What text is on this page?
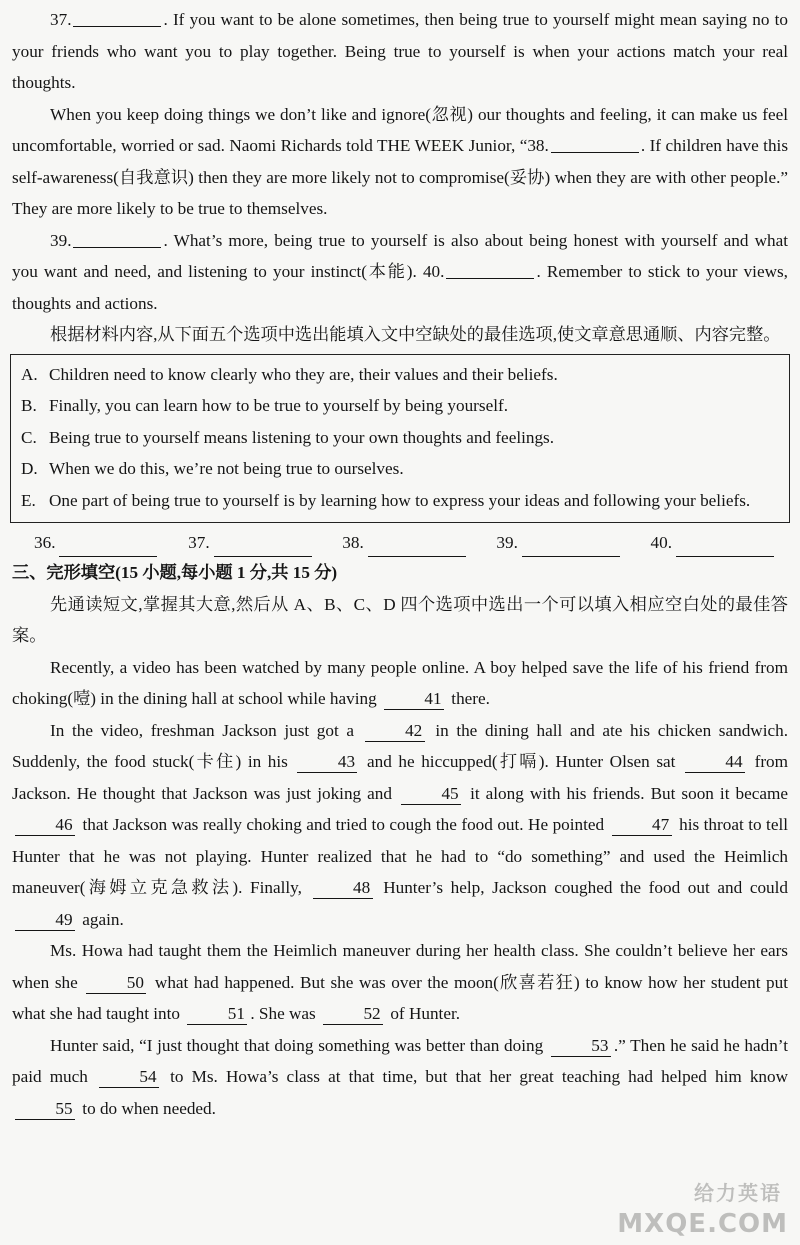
37.	. If you want to be alone sometimes, then being true to yourself might mean saying no to your friends who want you to play together. Being true to yourself is when your actions match your real thoughts.

When you keep doing things we don’t like and ignore(忽视) our thoughts and feeling, it can make us feel uncomfortable, worried or sad. Naomi Richards told THE WEEK Junior, “38.	. If children have this self-awareness(自我意识) then they are more likely not to compromise(妥协) when they are with other people.” They are more likely to be true to themselves.

39.	. What’s more, being true to yourself is also about being honest with yourself and what you want and need, and listening to your instinct(本能). 40.	. Remember to stick to your views, thoughts and actions.

根据材料内容,从下面五个选项中选出能填入文中空缺处的最佳选项,使文章意思通顺、内容完整。

A. Children need to know clearly who they are, their values and their beliefs.

B. Finally, you can learn how to be true to yourself by being yourself.

C. Being true to yourself means listening to your own thoughts and feelings.

D. When we do this, we’re not being true to ourselves.

E. One part of being true to yourself is by learning how to express your ideas and following your beliefs.

36.	37.	38.	39.	40.

三、完形填空(15 小题,每小题 1 分,共 15 分)

先通读短文,掌握其大意,然后从 A、B、C、D 四个选项中选出一个可以填入相应空白处的最佳答案。

Recently, a video has been watched by many people online. A boy helped save the life of his friend from choking(噎) in the dining hall at school while having	41 there.

In the video, freshman Jackson just got a	42 in the dining hall and ate his chicken sandwich. Suddenly, the food stuck(卡住) in his	43 and he hiccupped(打嗝). Hunter Olsen sat	44 from Jackson. He thought that Jackson was just joking and	45 it along with his friends. But soon it became 46 that Jackson was really choking and tried to cough the food out. He pointed	47 his throat to tell Hunter that he was not playing. Hunter realized that he had to “do something” and used the Heimlich maneuver(海姆立克急救法). Finally,	48 Hunter’s help, Jackson coughed the food out and could 49 again.

Ms. Howa had taught them the Heimlich maneuver during her health class. She couldn’t believe her ears when she	50 what had happened. But she was over the moon(欣喜若狂) to know how her student put what she had taught into	51 . She was	52 of Hunter.

Hunter said, “I just thought that doing something was better than doing	53 .” Then he said he hadn’t paid much	54 to Ms. Howa’s class at that time, but that her great teaching had helped him know 55 to do when needed.

给力英语
MXQE.COM
